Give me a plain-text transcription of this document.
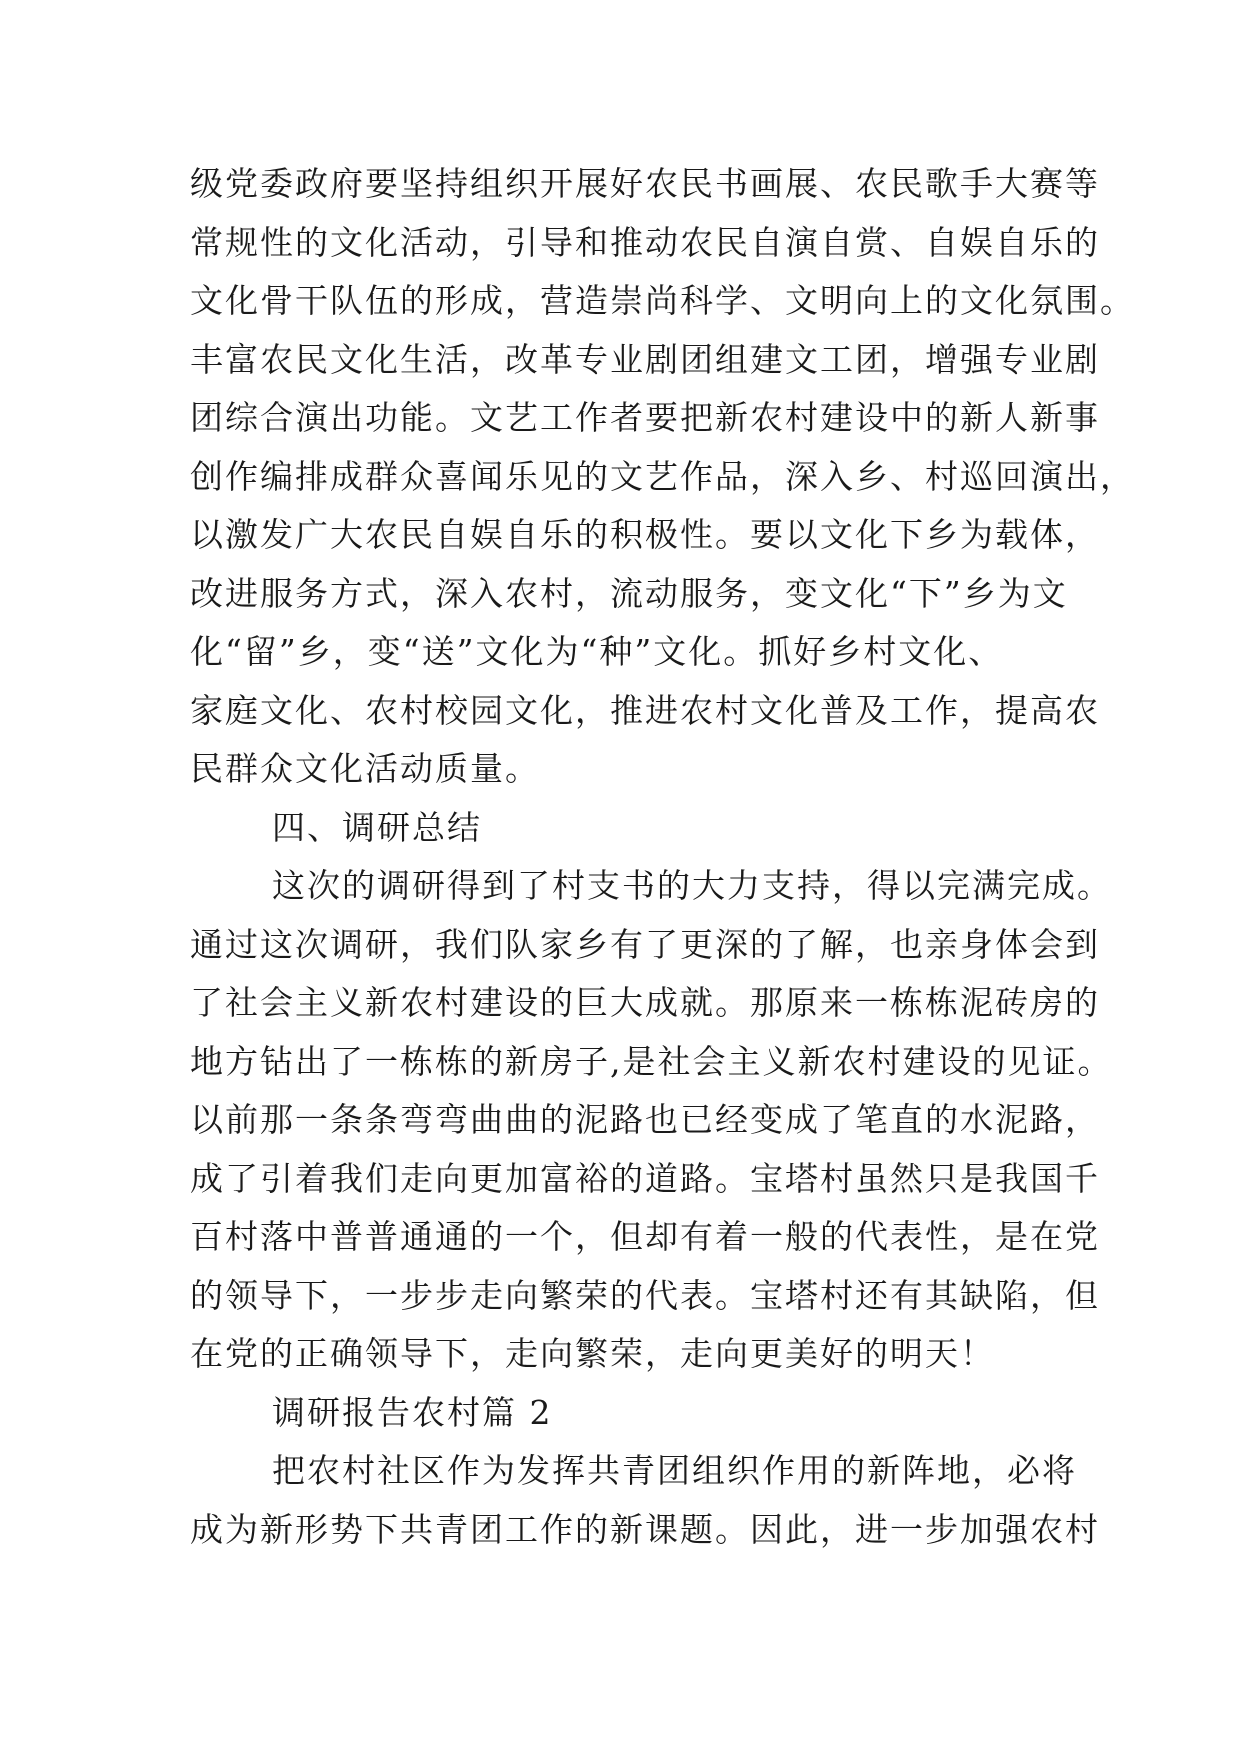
级党委政府要坚持组织开展好农民书画展、农民歌手大赛等
常规性的文化活动，引导和推动农民自演自赏、自娱自乐的
文化骨干队伍的形成，营造崇尚科学、文明向上的文化氛围。
丰富农民文化生活，改革专业剧团组建文工团，增强专业剧
团综合演出功能。文艺工作者要把新农村建设中的新人新事
创作编排成群众喜闻乐见的文艺作品，深入乡、村巡回演出，
以激发广大农民自娱自乐的积极性。要以文化下乡为载体，
改进服务方式，深入农村，流动服务，变文化“下”乡为文
化“留”乡，变“送”文化为“种”文化。抓好乡村文化、
家庭文化、农村校园文化，推进农村文化普及工作，提高农
民群众文化活动质量。
四、调研总结
这次的调研得到了村支书的大力支持，得以完满完成。
通过这次调研，我们队家乡有了更深的了解，也亲身体会到
了社会主义新农村建设的巨大成就。那原来一栋栋泥砖房的
地方钻出了一栋栋的新房子,是社会主义新农村建设的见证。
以前那一条条弯弯曲曲的泥路也已经变成了笔直的水泥路，
成了引着我们走向更加富裕的道路。宝塔村虽然只是我国千
百村落中普普通通的一个，但却有着一般的代表性，是在党
的领导下，一步步走向繁荣的代表。宝塔村还有其缺陷，但
在党的正确领导下，走向繁荣，走向更美好的明天！
调研报告农村篇 2
把农村社区作为发挥共青团组织作用的新阵地，必将
成为新形势下共青团工作的新课题。因此，进一步加强农村
